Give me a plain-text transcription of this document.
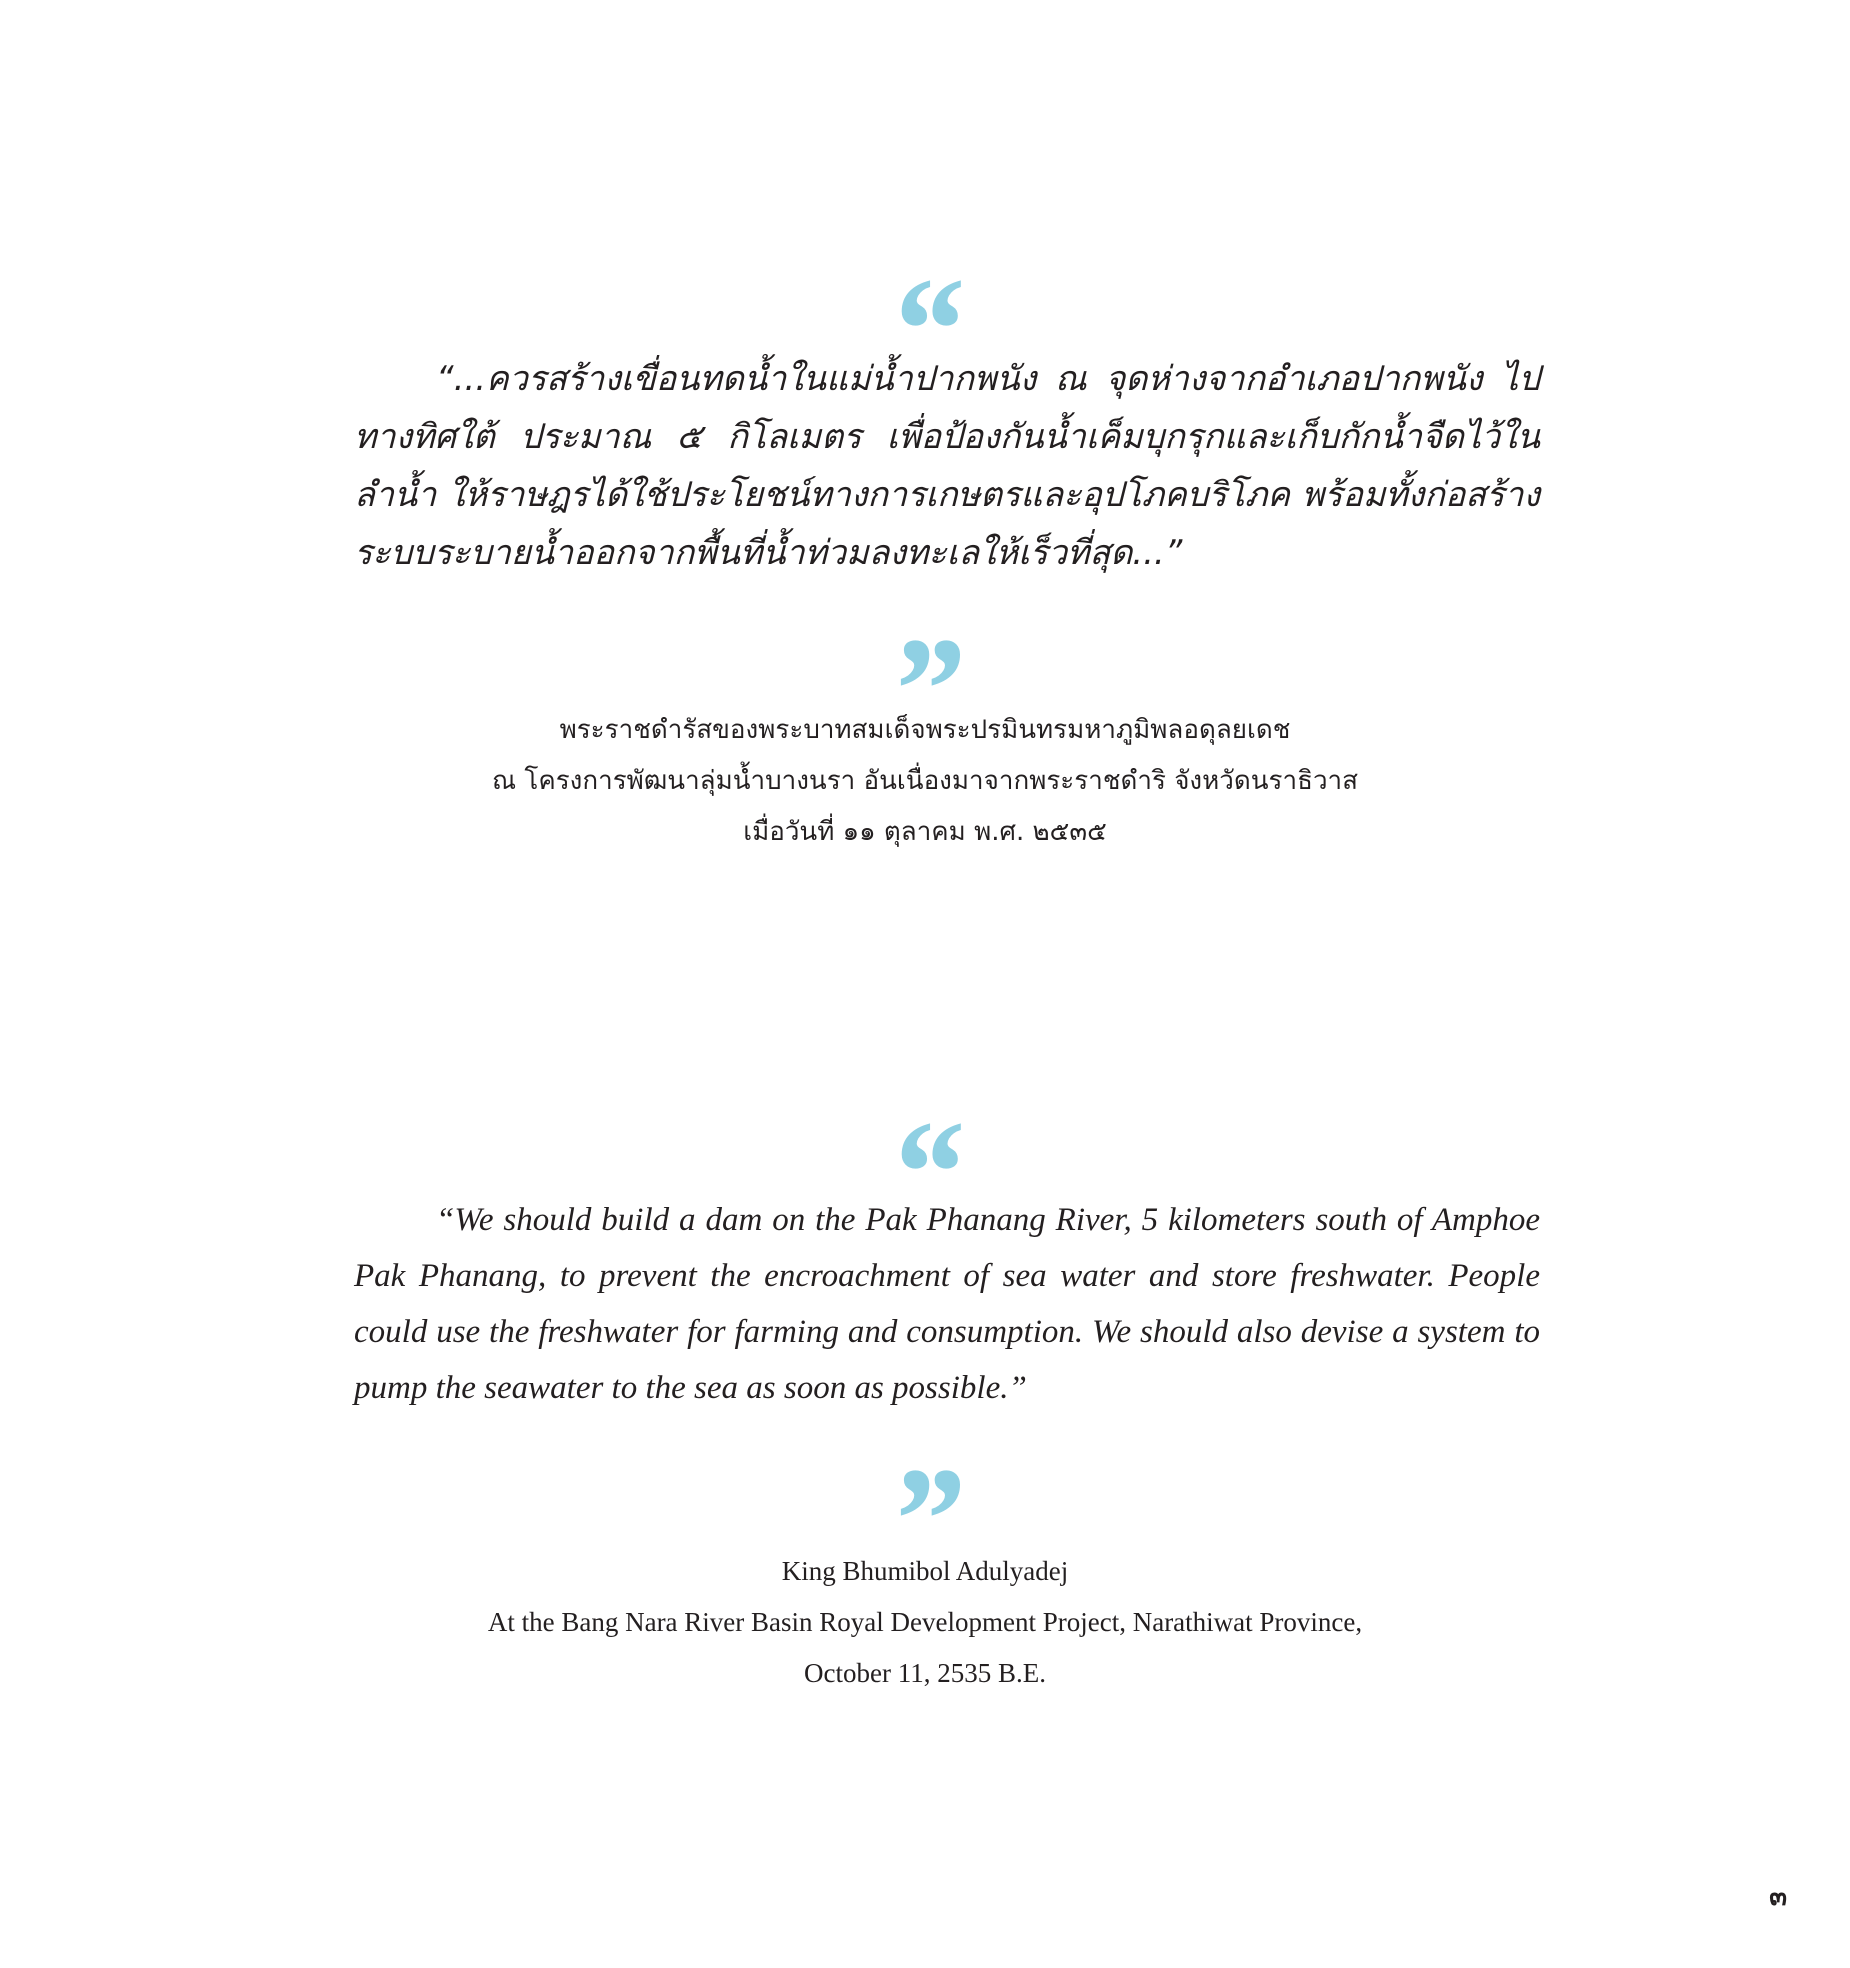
“

“...ควรสร้างเขื่อนทดน้ำในแม่น้ำปากพนัง ณ จุดห่างจากอำเภอปากพนัง ไปทางทิศใต้ ประมาณ ๕ กิโลเมตร เพื่อป้องกันน้ำเค็มบุกรุกและเก็บกักน้ำจืดไว้ในลำน้ำ ให้ราษฎรได้ใช้ประโยชน์ทางการเกษตรและอุปโภคบริโภค พร้อมทั้งก่อสร้างระบบระบายน้ำออกจากพื้นที่น้ำท่วมลงทะเลให้เร็วที่สุด...”

”
พระราชดำรัสของพระบาทสมเด็จพระปรมินทรมหาภูมิพลอดุลยเดช
ณ โครงการพัฒนาลุ่มน้ำบางนรา อันเนื่องมาจากพระราชดำริ จังหวัดนราธิวาส
เมื่อวันที่ ๑๑ ตุลาคม พ.ศ. ๒๕๓๕
“

“We should build a dam on the Pak Phanang River, 5 kilometers south of Amphoe Pak Phanang, to prevent the encroachment of sea water and store freshwater. People could use the freshwater for farming and consumption. We should also devise a system to pump the seawater to the sea as soon as possible.”

”
King Bhumibol Adulyadej
At the Bang Nara River Basin Royal Development Project, Narathiwat Province,
October 11, 2535 B.E.
๓
